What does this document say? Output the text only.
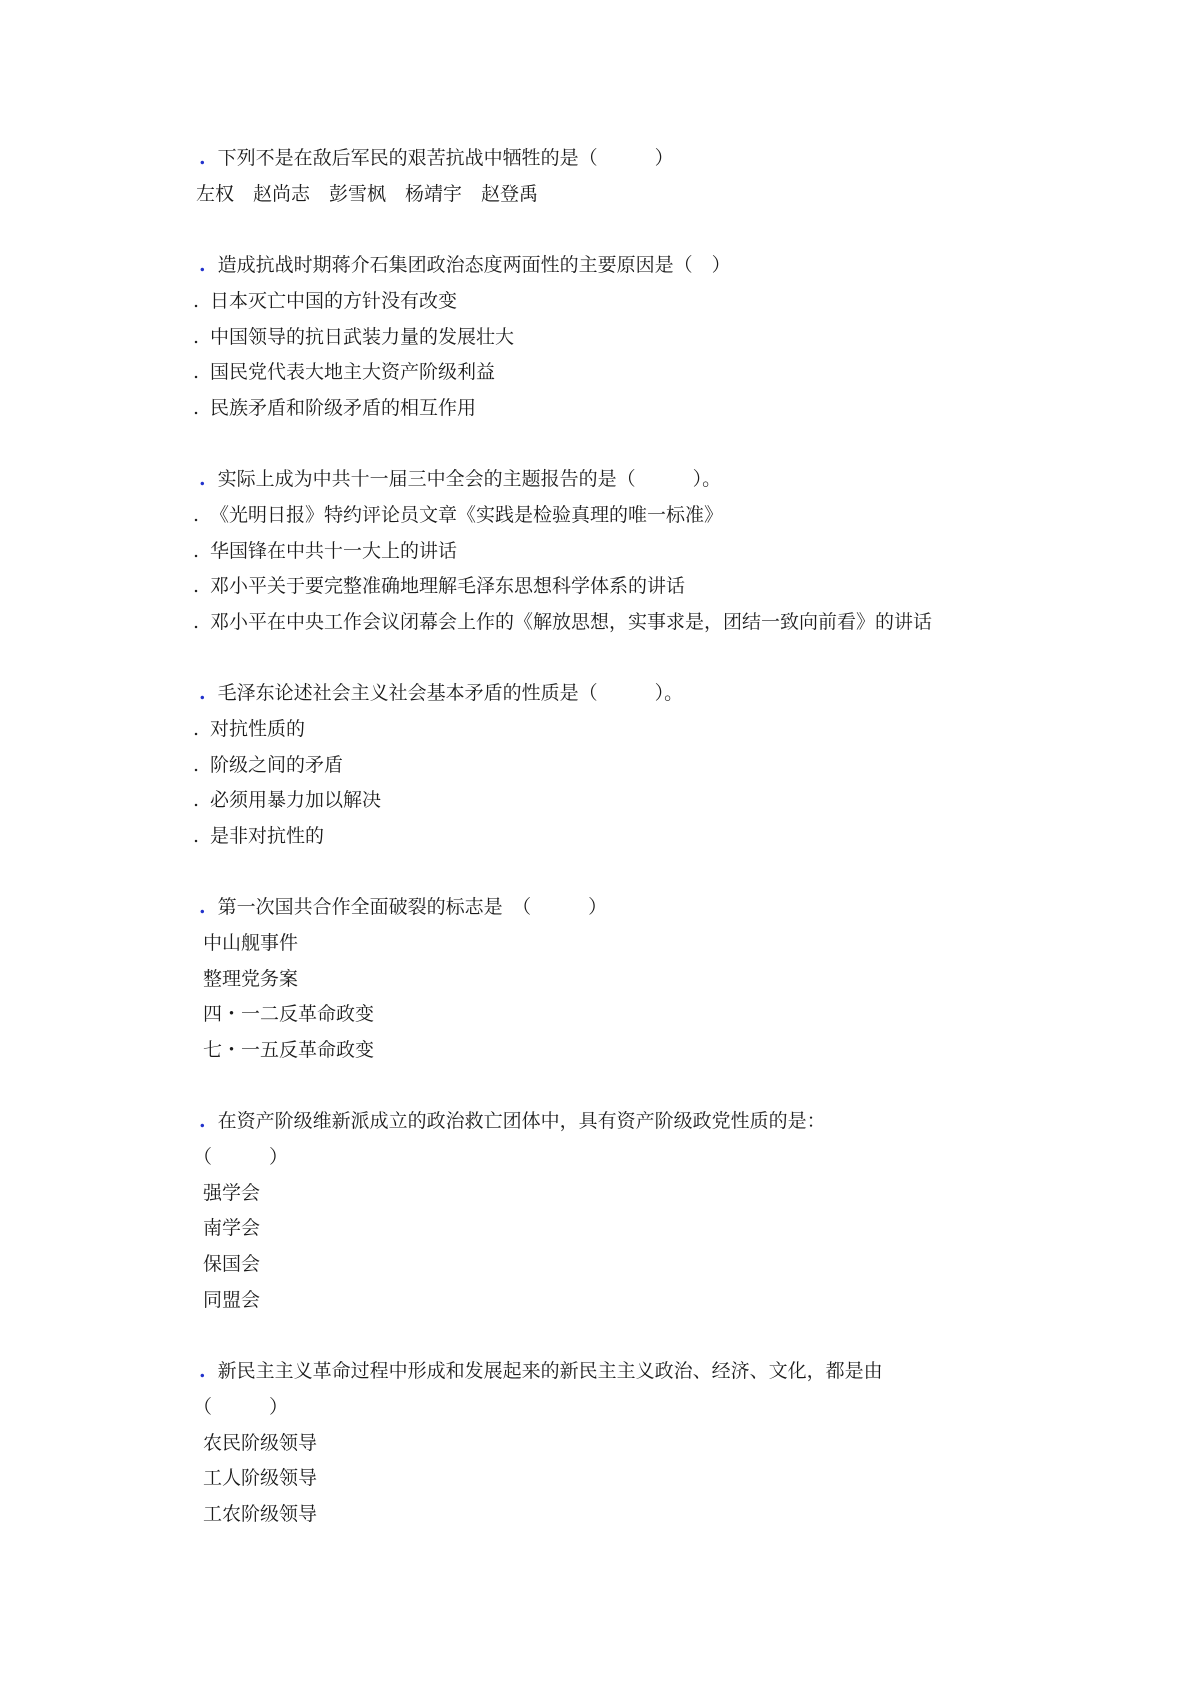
. 下列不是在敌后军民的艰苦抗战中牺牲的是（　　　）
左权　赵尚志　彭雪枫　杨靖宇　赵登禹
. 造成抗战时期蒋介石集团政治态度两面性的主要原因是（　）
. 日本灭亡中国的方针没有改变
. 中国领导的抗日武装力量的发展壮大
. 国民党代表大地主大资产阶级利益
. 民族矛盾和阶级矛盾的相互作用
. 实际上成为中共十一届三中全会的主题报告的是（　　　）。
. 《光明日报》特约评论员文章《实践是检验真理的唯一标准》
. 华国锋在中共十一大上的讲话
. 邓小平关于要完整准确地理解毛泽东思想科学体系的讲话
. 邓小平在中央工作会议闭幕会上作的《解放思想，实事求是，团结一致向前看》的讲话
. 毛泽东论述社会主义社会基本矛盾的性质是（　　　）。
. 对抗性质的
. 阶级之间的矛盾
. 必须用暴力加以解决
. 是非对抗性的
. 第一次国共合作全面破裂的标志是　（　　　）
中山舰事件
整理党务案
四・一二反革命政变
七・一五反革命政变
. 在资产阶级维新派成立的政治救亡团体中，具有资产阶级政党性质的是：
（　　　）
强学会
南学会
保国会
同盟会
. 新民主主义革命过程中形成和发展起来的新民主主义政治、经济、文化，都是由
（　　　）
农民阶级领导
工人阶级领导
工农阶级领导
